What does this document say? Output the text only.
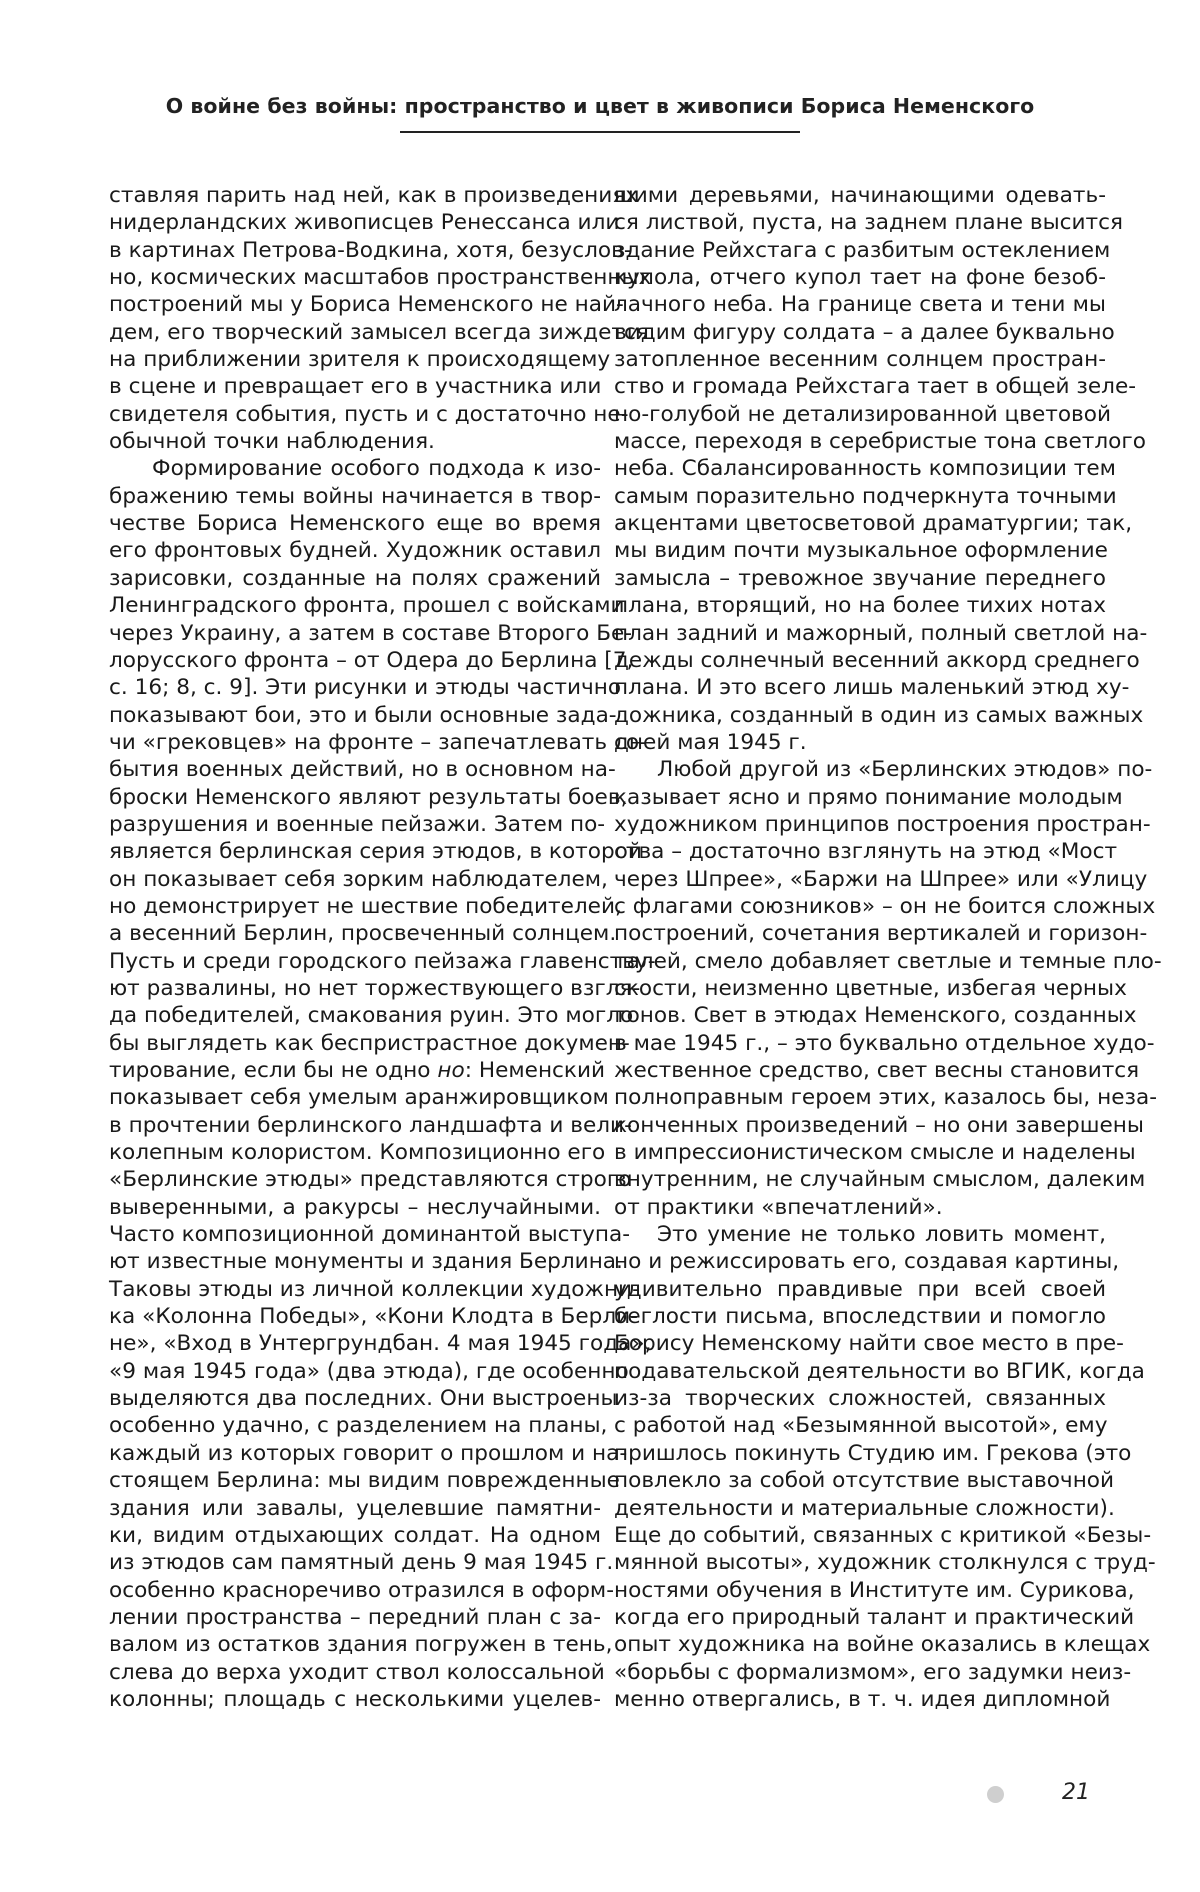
О войне без войны: пространство и цвет в живописи Бориса Неменского

ставляя парить над ней, как в произведениях
нидерландских живописцев Ренессанса или
в картинах Петрова-Водкина, хотя, безуслов-
но, космических масштабов пространственных
построений мы у Бориса Неменского не най-
дем, его творческий замысел всегда зиждется
на приближении зрителя к происходящему
в сцене и превращает его в участника или
свидетеля события, пусть и с достаточно не-
обычной точки наблюдения.

Формирование особого подхода к изо-
бражению темы войны начинается в твор-
честве Бориса Неменского еще во время
его фронтовых будней. Художник оставил
зарисовки, созданные на полях сражений
Ленинградского фронта, прошел с войсками
через Украину, а затем в составе Второго Бе-
лорусского фронта – от Одера до Берлина [7,
с. 16; 8, с. 9]. Эти рисунки и этюды частично
показывают бои, это и были основные зада-
чи «грековцев» на фронте – запечатлевать со-
бытия военных действий, но в основном на-
броски Неменского являют результаты боев,
разрушения и военные пейзажи. Затем по-
является берлинская серия этюдов, в которой
он показывает себя зорким наблюдателем,
но демонстрирует не шествие победителей,
а весенний Берлин, просвеченный солнцем.
Пусть и среди городского пейзажа главенству-
ют развалины, но нет торжествующего взгля-
да победителей, смакования руин. Это могло
бы выглядеть как беспристрастное докумен-
тирование, если бы не одно но: Неменский
показывает себя умелым аранжировщиком
в прочтении берлинского ландшафта и вели-
колепным колористом. Композиционно его
«Берлинские этюды» представляются строго
выверенными, а ракурсы – неслучайными.
Часто композиционной доминантой выступа-
ют известные монументы и здания Берлина.
Таковы этюды из личной коллекции художни-
ка «Колонна Победы», «Кони Клодта в Берли-
не», «Вход в Унтергрундбан. 4 мая 1945 года»,
«9 мая 1945 года» (два этюда), где особенно
выделяются два последних. Они выстроены
особенно удачно, с разделением на планы,
каждый из которых говорит о прошлом и на-
стоящем Берлина: мы видим поврежденные
здания или завалы, уцелевшие памятни-
ки, видим отдыхающих солдат. На одном
из этюдов сам памятный день 9 мая 1945 г.
особенно красноречиво отразился в оформ-
лении пространства – передний план с за-
валом из остатков здания погружен в тень,
слева до верха уходит ствол колоссальной
колонны; площадь с несколькими уцелев-

шими деревьями, начинающими одевать-
ся листвой, пуста, на заднем плане высится
здание Рейхстага с разбитым остеклением
купола, отчего купол тает на фоне безоб-
лачного неба. На границе света и тени мы
видим фигуру солдата – а далее буквально
затопленное весенним солнцем простран-
ство и громада Рейхстага тает в общей зеле-
но-голубой не детализированной цветовой
массе, переходя в серебристые тона светлого
неба. Сбалансированность композиции тем
самым поразительно подчеркнута точными
акцентами цветосветовой драматургии; так,
мы видим почти музыкальное оформление
замысла – тревожное звучание переднего
плана, вторящий, но на более тихих нотах
план задний и мажорный, полный светлой на-
дежды солнечный весенний аккорд среднего
плана. И это всего лишь маленький этюд ху-
дожника, созданный в один из самых важных
дней мая 1945 г.

Любой другой из «Берлинских этюдов» по-
казывает ясно и прямо понимание молодым
художником принципов построения простран-
ства – достаточно взглянуть на этюд «Мост
через Шпрее», «Баржи на Шпрее» или «Улицу
с флагами союзников» – он не боится сложных
построений, сочетания вертикалей и горизон-
талей, смело добавляет светлые и темные пло-
скости, неизменно цветные, избегая черных
тонов. Свет в этюдах Неменского, созданных
в мае 1945 г., – это буквально отдельное худо-
жественное средство, свет весны становится
полноправным героем этих, казалось бы, неза-
конченных произведений – но они завершены
в импрессионистическом смысле и наделены
внутренним, не случайным смыслом, далеким
от практики «впечатлений».

Это умение не только ловить момент,
но и режиссировать его, создавая картины,
удивительно правдивые при всей своей
беглости письма, впоследствии и помогло
Борису Неменскому найти свое место в пре-
подавательской деятельности во ВГИК, когда
из-за творческих сложностей, связанных
с работой над «Безымянной высотой», ему
пришлось покинуть Студию им. Грекова (это
повлекло за собой отсутствие выставочной
деятельности и материальные сложности).
Еще до событий, связанных с критикой «Безы-
мянной высоты», художник столкнулся с труд-
ностями обучения в Институте им. Сурикова,
когда его природный талант и практический
опыт художника на войне оказались в клещах
«борьбы с формализмом», его задумки неиз-
менно отвергались, в т. ч. идея дипломной

21
